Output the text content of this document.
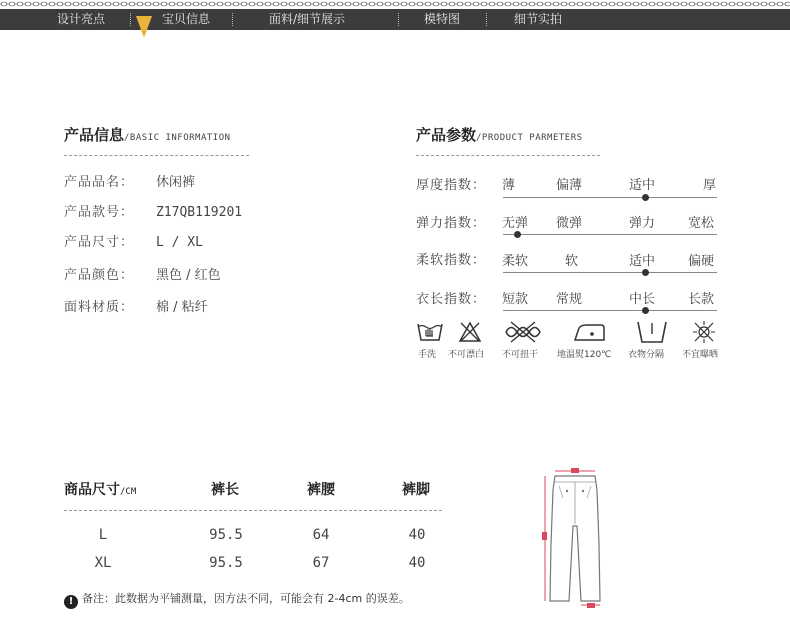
设计亮点	宝贝信息	面料/细节展示	模特图	细节实拍
产品信息/BASIC INFORMATION
产品品名： 休闲裤
产品款号： Z17QB119201
产品尺寸： L / XL
产品颜色： 黑色 / 红色
面料材质： 棉 / 粘纤
产品参数/PRODUCT PARMETERS
厚度指数： 薄	偏薄	适中	厚
弹力指数： 无弹 微弹	弹力	宽松
柔软指数： 柔软	软	适中	偏硬
衣长指数： 短款 常规	中长	长款
手洗 不可漂白 不可扭干 地温熨120℃ 衣物分隔 不宜曝晒
商品尺寸/CM	裤长	裤腰	裤脚
L	95.5	64	40
XL	95.5	67	40
! 备注：此数据为平铺测量，因方法不同，可能会有 2-4cm 的误差。
